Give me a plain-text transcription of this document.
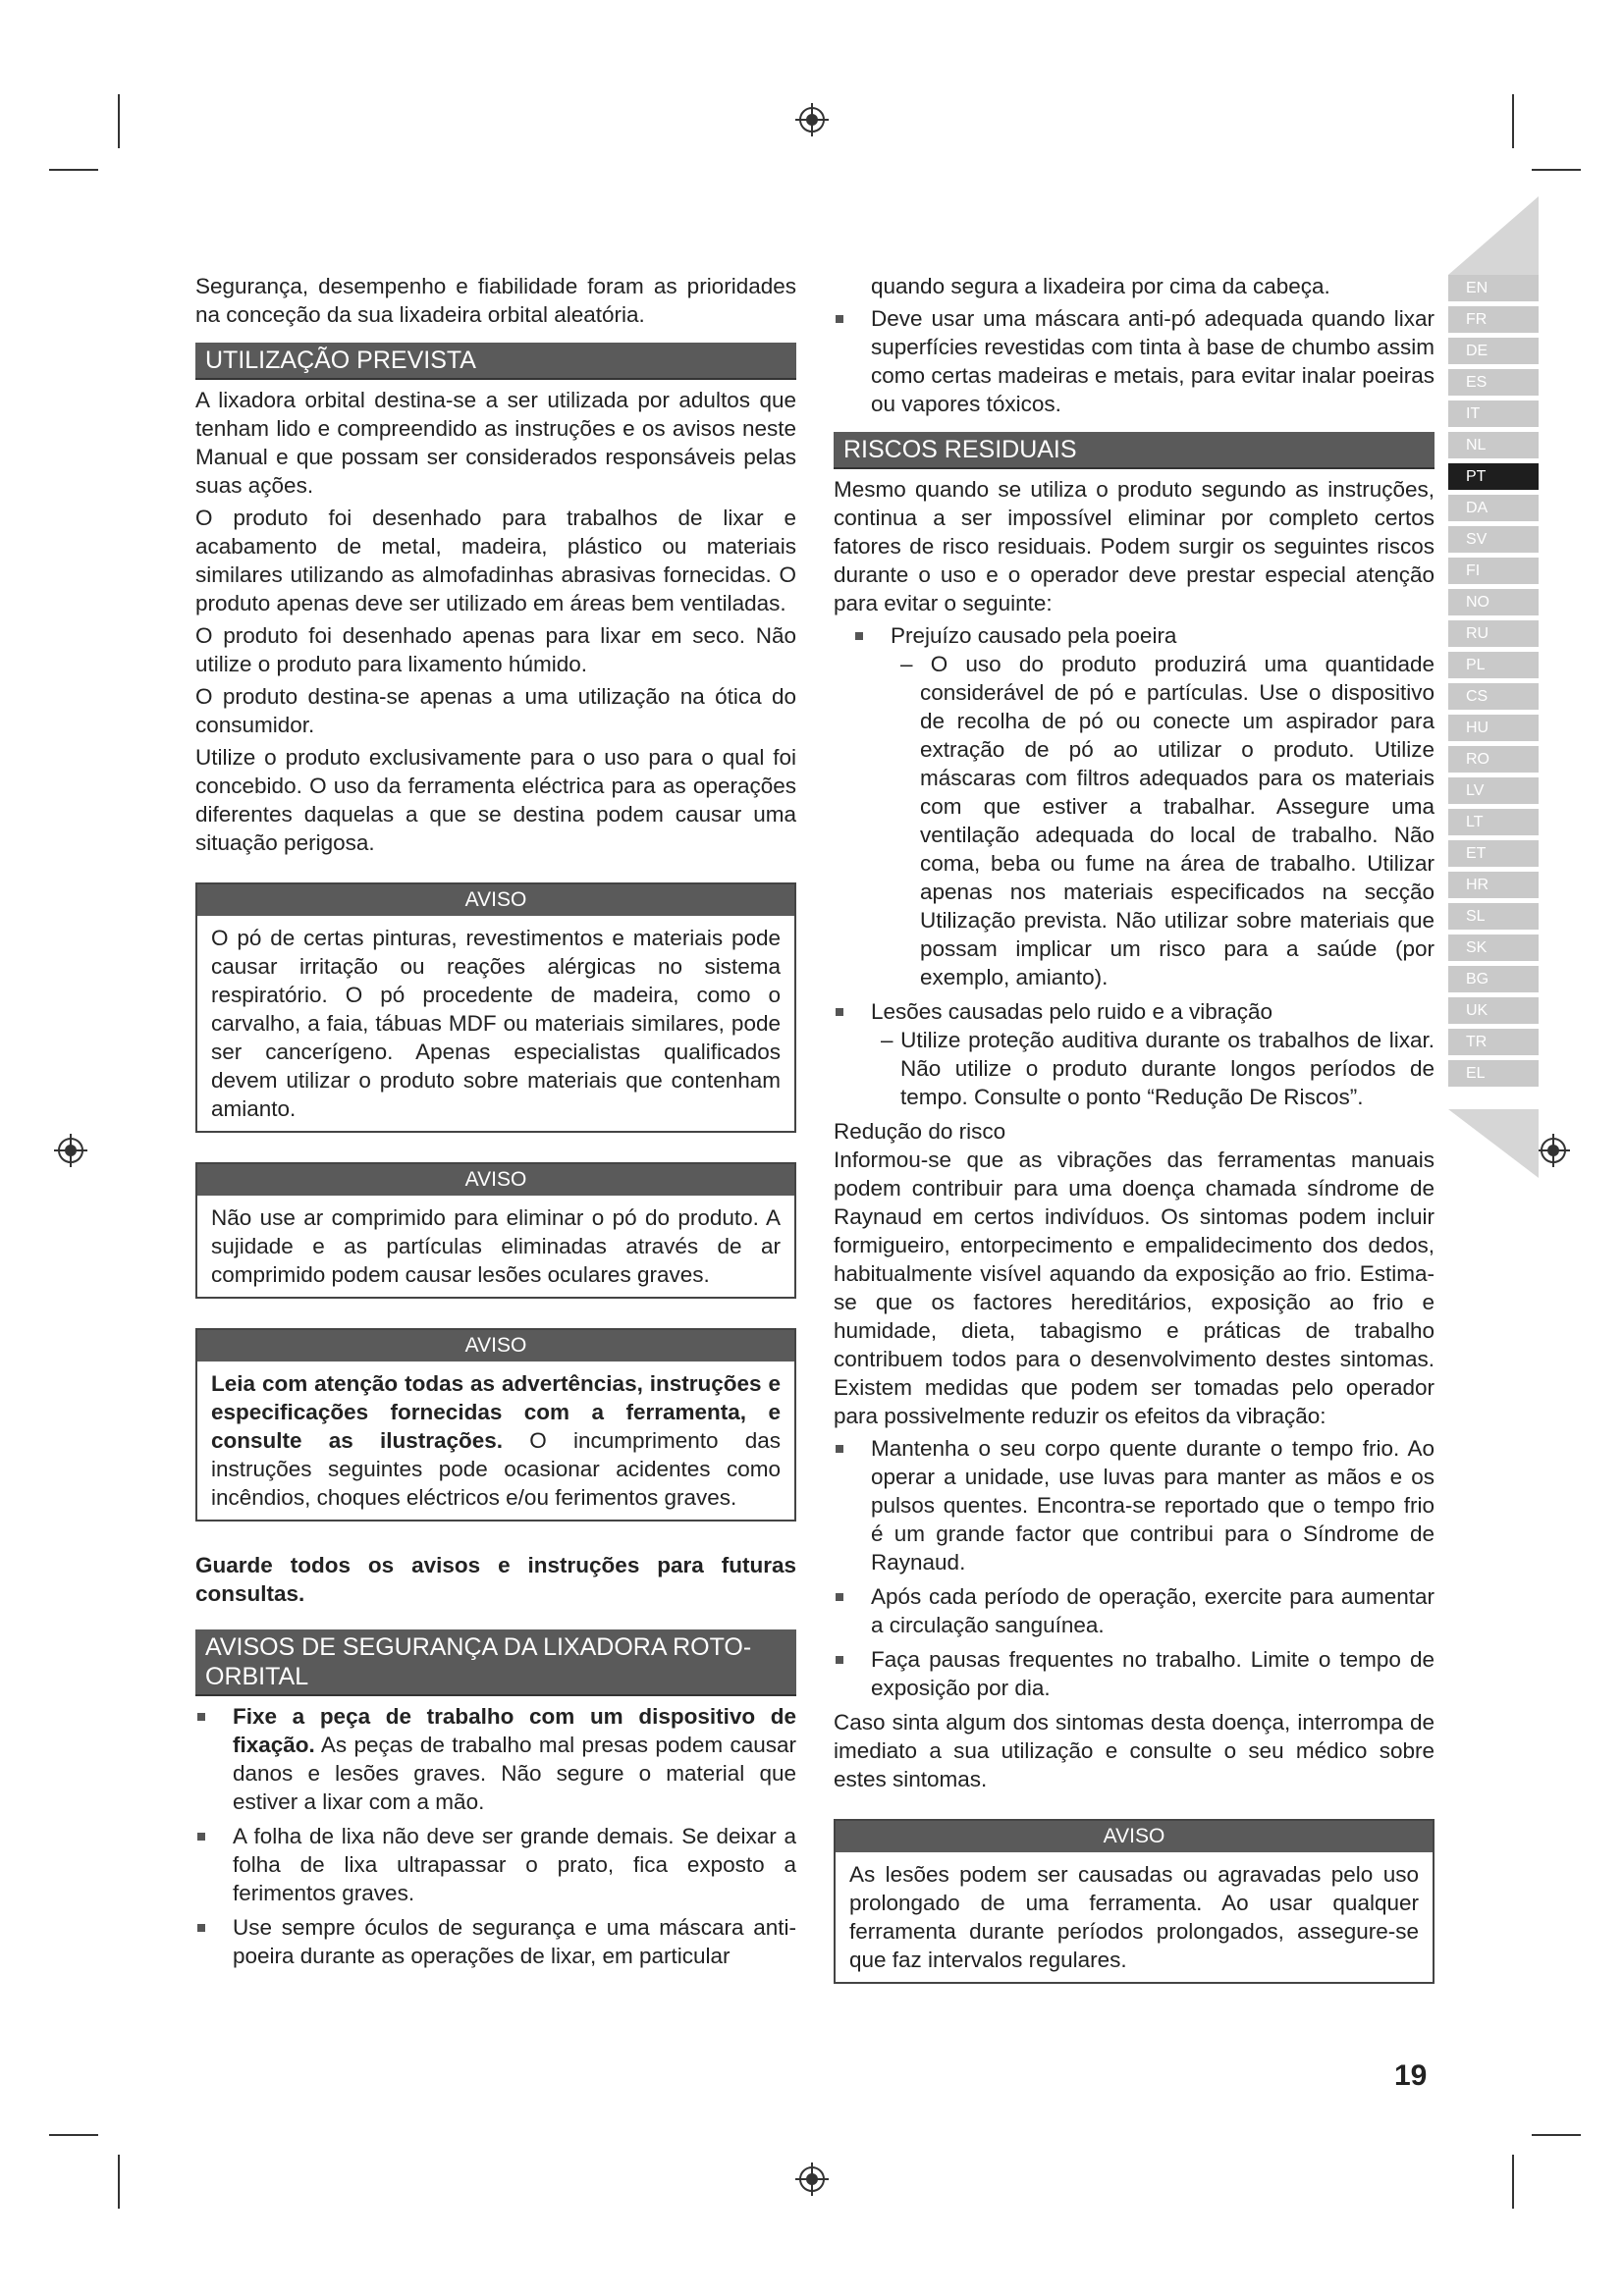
EN
FR
DE
ES
IT
NL
PT
DA
SV
FI
NO
RU
PL
CS
HU
RO
LV
LT
ET
HR
SL
SK
BG
UK
TR
EL

Segurança, desempenho e fiabilidade foram as prioridades na conceção da sua lixadeira orbital aleatória.

UTILIZAÇÃO PREVISTA

A lixadora orbital destina-se a ser utilizada por adultos que tenham lido e compreendido as instruções e os avisos neste Manual e que possam ser considerados responsáveis pelas suas ações.

O produto foi desenhado para trabalhos de lixar e acabamento de metal, madeira, plástico ou materiais similares utilizando as almofadinhas abrasivas fornecidas. O produto apenas deve ser utilizado em áreas bem ventiladas.

O produto foi desenhado apenas para lixar em seco. Não utilize o produto para lixamento húmido.

O produto destina-se apenas a uma utilização na ótica do consumidor.

Utilize o produto exclusivamente para o uso para o qual foi concebido. O uso da ferramenta eléctrica para as operações diferentes daquelas a que se destina podem causar uma situação perigosa.

AVISO
O pó de certas pinturas, revestimentos e materiais pode causar irritação ou reações alérgicas no sistema respiratório. O pó procedente de madeira, como o carvalho, a faia, tábuas MDF ou materiais similares, pode ser cancerígeno. Apenas especialistas qualificados devem utilizar o produto sobre materiais que contenham amianto.
AVISO
Não use ar comprimido para eliminar o pó do produto. A sujidade e as partículas eliminadas através de ar comprimido podem causar lesões oculares graves.
AVISO
Leia com atenção todas as advertências, instruções e especificações fornecidas com a ferramenta, e consulte as ilustrações. O incumprimento das instruções seguintes pode ocasionar acidentes como incêndios, choques eléctricos e/ou ferimentos graves.

Guarde todos os avisos e instruções para futuras consultas.

AVISOS DE SEGURANÇA DA LIXADORA ROTO-ORBITAL
Fixe a peça de trabalho com um dispositivo de fixação. As peças de trabalho mal presas podem causar danos e lesões graves. Não segure o material que estiver a lixar com a mão.
A folha de lixa não deve ser grande demais. Se deixar a folha de lixa ultrapassar o prato, fica exposto a ferimentos graves.
Use sempre óculos de segurança e uma máscara anti-poeira durante as operações de lixar, em particular

quando segura a lixadeira por cima da cabeça.

Deve usar uma máscara anti-pó adequada quando lixar superfícies revestidas com tinta à base de chumbo assim como certas madeiras e metais, para evitar inalar poeiras ou vapores tóxicos.
RISCOS RESIDUAIS

Mesmo quando se utiliza o produto segundo as instruções, continua a ser impossível eliminar por completo certos fatores de risco residuais. Podem surgir os seguintes riscos durante o uso e o operador deve prestar especial atenção para evitar o seguinte:

Prejuízo causado pela poeira
– O uso do produto produzirá uma quantidade considerável de pó e partículas. Use o dispositivo de recolha de pó ou conecte um aspirador para extração de pó ao utilizar o produto. Utilize máscaras com filtros adequados para os materiais com que estiver a trabalhar. Assegure uma ventilação adequada do local de trabalho. Não coma, beba ou fume na área de trabalho. Utilizar apenas nos materiais especificados na secção Utilização prevista. Não utilizar sobre materiais que possam implicar um risco para a saúde (por exemplo, amianto).
Lesões causadas pelo ruido e a vibração
– Utilize proteção auditiva durante os trabalhos de lixar. Não utilize o produto durante longos períodos de tempo. Consulte o ponto “Redução De Riscos”.

Redução do risco

Informou-se que as vibrações das ferramentas manuais podem contribuir para uma doença chamada síndrome de Raynaud em certos indivíduos. Os sintomas podem incluir formigueiro, entorpecimento e empalidecimento dos dedos, habitualmente visível aquando da exposição ao frio. Estima-se que os factores hereditários, exposição ao frio e humidade, dieta, tabagismo e práticas de trabalho contribuem todos para o desenvolvimento destes sintomas. Existem medidas que podem ser tomadas pelo operador para possivelmente reduzir os efeitos da vibração:

Mantenha o seu corpo quente durante o tempo frio. Ao operar a unidade, use luvas para manter as mãos e os pulsos quentes. Encontra-se reportado que o tempo frio é um grande factor que contribui para o Síndrome de Raynaud.
Após cada período de operação, exercite para aumentar a circulação sanguínea.
Faça pausas frequentes no trabalho. Limite o tempo de exposição por dia.

Caso sinta algum dos sintomas desta doença, interrompa de imediato a sua utilização e consulte o seu médico sobre estes sintomas.

AVISO
As lesões podem ser causadas ou agravadas pelo uso prolongado de uma ferramenta. Ao usar qualquer ferramenta durante períodos prolongados, assegure-se que faz intervalos regulares.
19
